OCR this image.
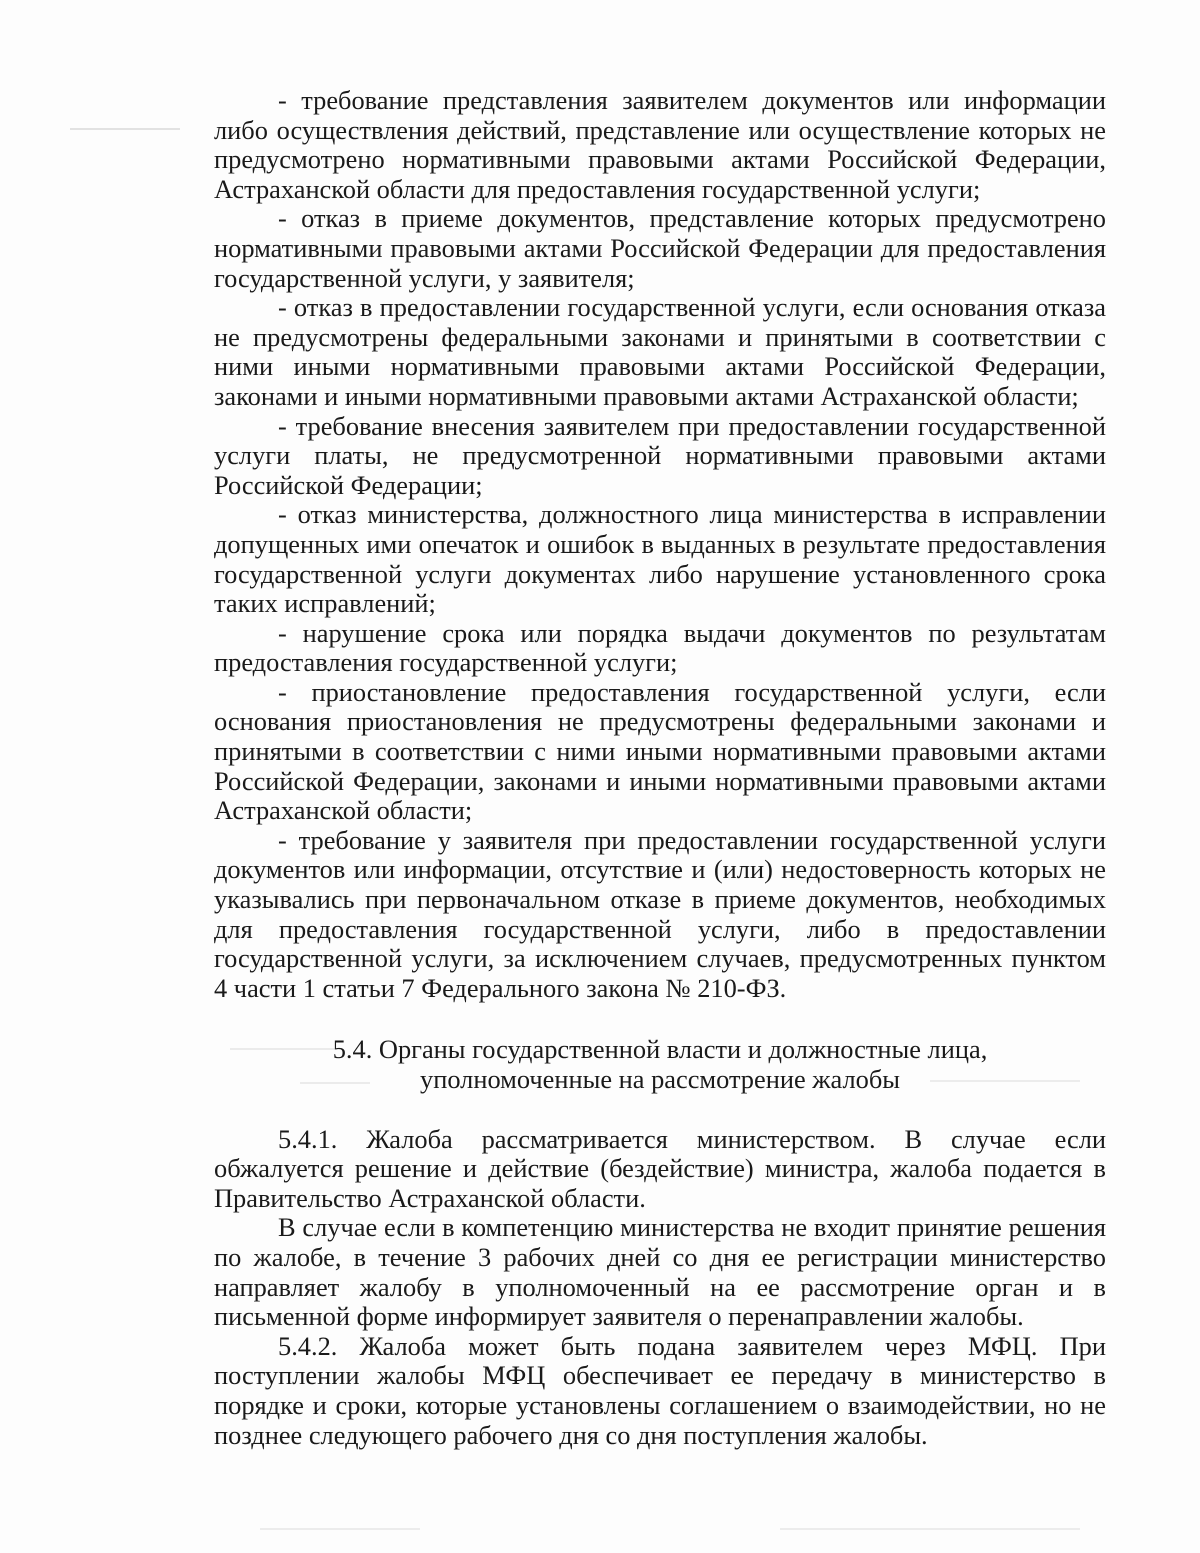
- требование представления заявителем документов или информации либо осуществления действий, представление или осуществление которых не предусмотрено нормативными правовыми актами Российской Федерации, Астраханской области для предоставления государственной услуги;

- отказ в приеме документов, представление которых предусмотрено нормативными правовыми актами Российской Федерации для предоставления государственной услуги, у заявителя;

- отказ в предоставлении государственной услуги, если основания отказа не предусмотрены федеральными законами и принятыми в соответствии с ними иными нормативными правовыми актами Российской Федерации, законами и иными нормативными правовыми актами Астраханской области;

- требование внесения заявителем при предоставлении государственной услуги платы, не предусмотренной нормативными правовыми актами Российской Федерации;

- отказ министерства, должностного лица министерства в исправлении допущенных ими опечаток и ошибок в выданных в результате предоставления государственной услуги документах либо нарушение установленного срока таких исправлений;

- нарушение срока или порядка выдачи документов по результатам предоставления государственной услуги;

- приостановление предоставления государственной услуги, если основания приостановления не предусмотрены федеральными законами и принятыми в соответствии с ними иными нормативными правовыми актами Российской Федерации, законами и иными нормативными правовыми актами Астраханской области;

- требование у заявителя при предоставлении государственной услуги документов или информации, отсутствие и (или) недостоверность которых не указывались при первоначальном отказе в приеме документов, необходимых для предоставления государственной услуги, либо в предоставлении государственной услуги, за исключением случаев, предусмотренных пунктом 4 части 1 статьи 7 Федерального закона № 210-ФЗ.

5.4. Органы государственной власти и должностные лица,
уполномоченные на рассмотрение жалобы

5.4.1. Жалоба рассматривается министерством. В случае если обжалуется решение и действие (бездействие) министра, жалоба подается в Правительство Астраханской области.

В случае если в компетенцию министерства не входит принятие решения по жалобе, в течение 3 рабочих дней со дня ее регистрации министерство направляет жалобу в уполномоченный на ее рассмотрение орган и в письменной форме информирует заявителя о перенаправлении жалобы.

5.4.2. Жалоба может быть подана заявителем через МФЦ. При поступлении жалобы МФЦ обеспечивает ее передачу в министерство в порядке и сроки, которые установлены соглашением о взаимодействии, но не позднее следующего рабочего дня со дня поступления жалобы.
